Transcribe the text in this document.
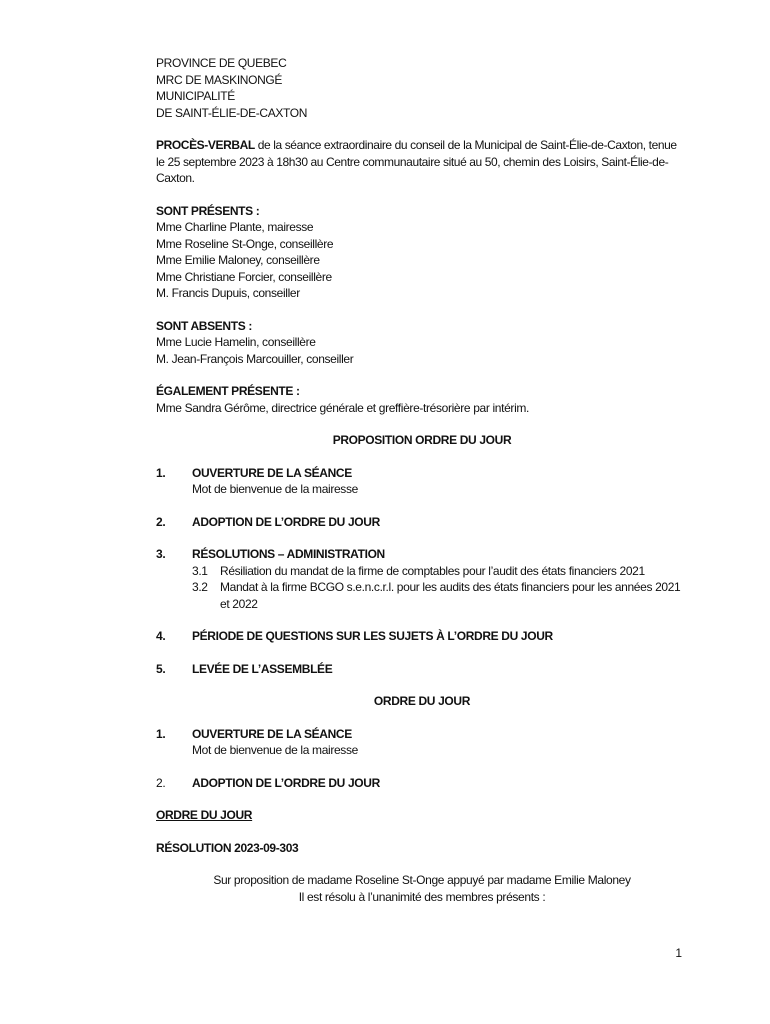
PROVINCE DE QUEBEC
MRC DE MASKINONGÉ
MUNICIPALITÉ
DE SAINT-ÉLIE-DE-CAXTON
PROCÈS-VERBAL de la séance extraordinaire du conseil de la Municipal de Saint-Élie-de-Caxton, tenue le 25 septembre 2023 à 18h30 au Centre communautaire situé au 50, chemin des Loisirs, Saint-Élie-de-Caxton.
SONT PRÉSENTS :
Mme Charline Plante, mairesse
Mme Roseline St-Onge, conseillère
Mme Emilie Maloney, conseillère
Mme Christiane Forcier, conseillère
M. Francis Dupuis, conseiller
SONT ABSENTS :
Mme Lucie Hamelin, conseillère
M. Jean-François Marcouiller, conseiller
ÉGALEMENT PRÉSENTE :
Mme Sandra Gérôme, directrice générale et greffière-trésorière par intérim.
PROPOSITION ORDRE DU JOUR
1.	OUVERTURE DE LA SÉANCE
Mot de bienvenue de la mairesse
2.	ADOPTION DE L’ORDRE DU JOUR
3.	RÉSOLUTIONS – ADMINISTRATION
3.1	Résiliation du mandat de la firme de comptables pour l’audit des états financiers 2021
3.2	Mandat à la firme BCGO s.e.n.c.r.l. pour les audits des états financiers pour les années 2021 et 2022
4.	PÉRIODE DE QUESTIONS SUR LES SUJETS À L’ORDRE DU JOUR
5.	LEVÉE DE L’ASSEMBLÉE
ORDRE DU JOUR
1.	OUVERTURE DE LA SÉANCE
Mot de bienvenue de la mairesse
2.	ADOPTION DE L’ORDRE DU JOUR
ORDRE DU JOUR
RÉSOLUTION 2023-09-303
Sur proposition de madame Roseline St-Onge appuyé par madame Emilie Maloney
Il est résolu à l’unanimité des membres présents :
1
